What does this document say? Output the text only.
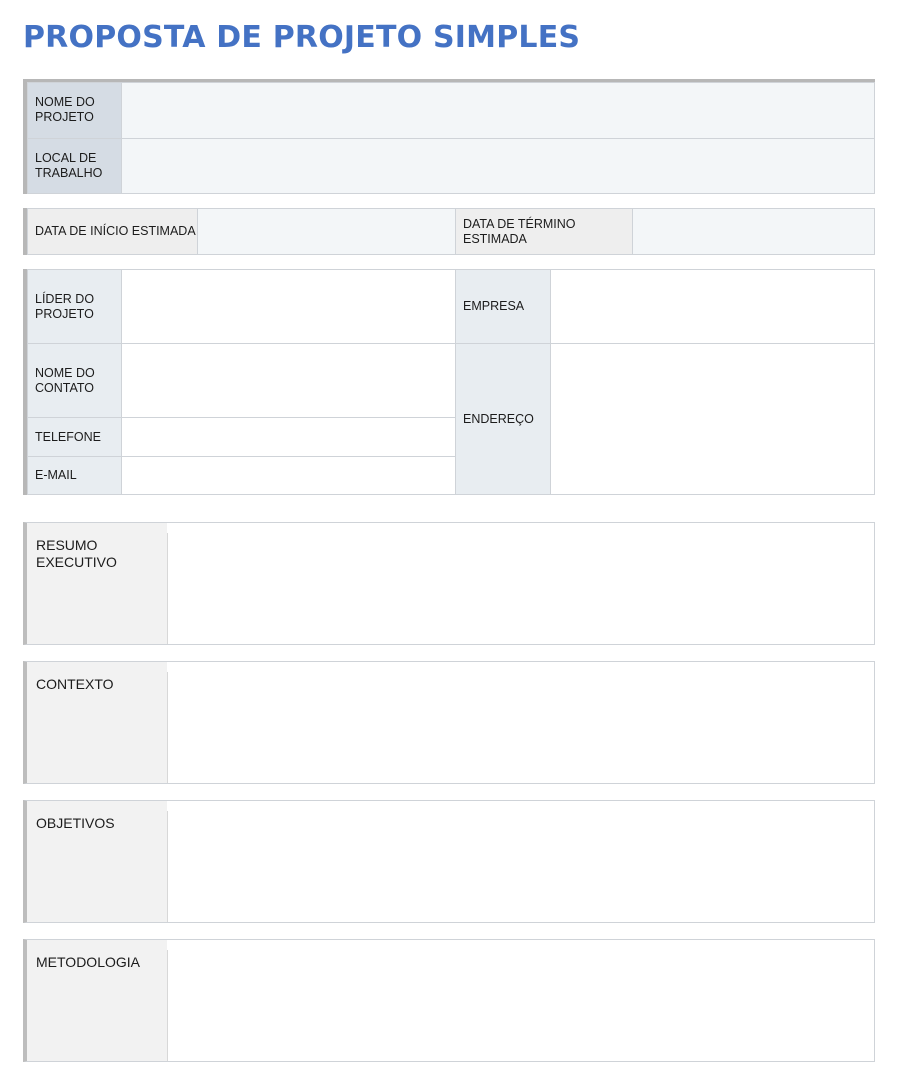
PROPOSTA DE PROJETO SIMPLES
NOME DO PROJETO	
LOCAL DE TRABALHO	
DATA DE INÍCIO ESTIMADA		DATA DE TÉRMINO ESTIMADA	
LÍDER DO PROJETO		EMPRESA	
NOME DO CONTATO		ENDEREÇO	
TELEFONE			
E-MAIL			
RESUMO EXECUTIVO
CONTEXTO
OBJETIVOS
METODOLOGIA
